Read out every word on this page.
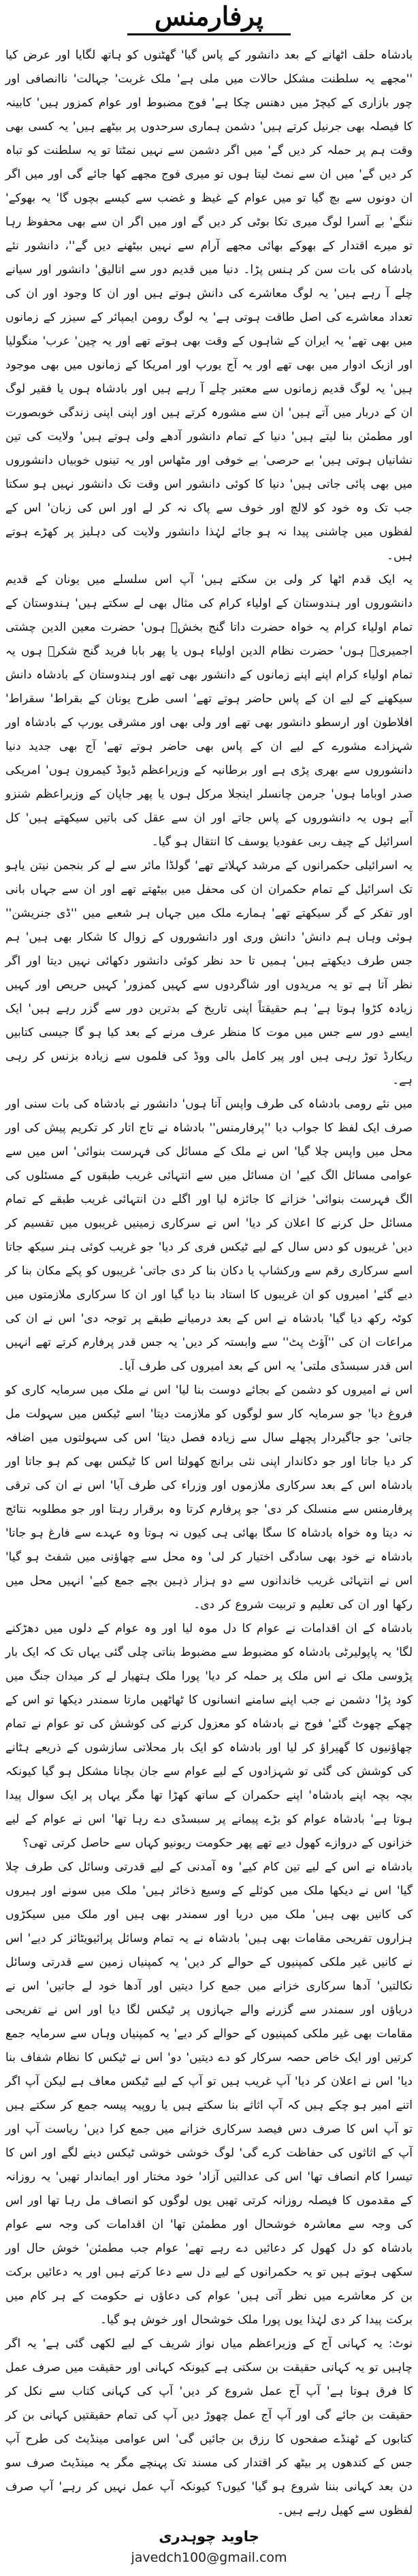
پرفارمنس

بادشاہ حلف اٹھانے کے بعد دانشور کے پاس گیا' گھٹنوں کو ہاتھ لگایا اور عرض کیا ''مجھے یہ سلطنت مشکل حالات میں ملی ہے' ملک غربت' جہالت' ناانصافی اور چور بازاری کے کیچڑ میں دھنس چکا ہے' فوج مضبوط اور عوام کمزور ہیں' کابینہ کا فیصلہ بھی جرنیل کرتے ہیں' دشمن ہماری سرحدوں پر بیٹھے ہیں' یہ کسی بھی وقت ہم پر حملہ کر دیں گے' میں اگر دشمن سے نہیں نمٹتا تو یہ سلطنت کو تباہ کر دیں گے' میں ان سے نمٹ لیتا ہوں تو میری فوج مجھے کھا جائے گی اور میں اگر ان دونوں سے بچ گیا تو میں عوام کے غیظ و غضب سے کیسے بچوں گا' یہ بھوکے' ننگے' بے آسرا لوگ میری تکا بوٹی کر دیں گے اور میں اگر ان سے بھی محفوظ رہا تو میرے اقتدار کے بھوکے بھائی مجھے آرام سے نہیں بیٹھنے دیں گے''، دانشور نئے بادشاہ کی بات سن کر ہنس پڑا۔ دنیا میں قدیم دور سے اتالیق' دانشور اور سیانے چلے آ رہے ہیں' یہ لوگ معاشرے کی دانش ہوتے ہیں اور ان کا وجود اور ان کی تعداد معاشرے کی اصل طاقت ہوتی ہے' یہ لوگ رومن ایمپائر کے سیزر کے زمانوں میں بھی تھے' یہ ایران کے شاہوں کے وقت بھی ہوتے تھے اور یہ چین' عرب' منگولیا اور ازبک ادوار میں بھی تھے اور یہ آج یورپ اور امریکا کے زمانوں میں بھی موجود ہیں' یہ لوگ قدیم زمانوں سے معتبر چلے آ رہے ہیں اور بادشاہ ہوں یا فقیر لوگ ان کے دربار میں آتے ہیں' ان سے مشورہ کرتے ہیں اور اپنی اپنی زندگی خوبصورت اور مطمئن بنا لیتے ہیں' دنیا کے تمام دانشور آدھے ولی ہوتے ہیں' ولایت کی تین نشانیاں ہوتی ہیں' بے حرصی' بے خوفی اور مٹھاس اور یہ تینوں خوبیاں دانشوروں میں بھی پائی جاتی ہیں' دنیا کا کوئی دانشور اس وقت تک دانشور نہیں ہو سکتا جب تک وہ خود کو لالچ اور خوف سے پاک نہ کر لے اور اس کی زبان' اس کے لفظوں میں چاشنی پیدا نہ ہو جائے لہٰذا دانشور ولایت کی دہلیز پر کھڑے ہوتے ہیں۔

یہ ایک قدم اٹھا کر ولی بن سکتے ہیں' آپ اس سلسلے میں یونان کے قدیم دانشوروں اور ہندوستان کے اولیاء کرام کی مثال بھی لے سکتے ہیں' ہندوستان کے تمام اولیاء کرام یہ خواہ حضرت داتا گنج بخشؒ ہوں' حضرت معین الدین چشتی اجمیریؒ ہوں' حضرت نظام الدین اولیاء ہوں یا پھر بابا فرید گنج شکرؒ ہوں یہ تمام اولیاء کرام اپنے اپنے زمانوں کے دانشور بھی تھے اور ہندوستان کے بادشاہ دانش سیکھنے کے لیے ان کے پاس حاضر ہوتے تھے' اسی طرح یونان کے بقراط' سقراط' افلاطون اور ارسطو دانشور بھی تھے اور ولی بھی اور مشرقی یورپ کے بادشاہ اور شہزادے مشورے کے لیے ان کے پاس بھی حاضر ہوتے تھے' آج بھی جدید دنیا دانشوروں سے بھری پڑی ہے اور برطانیہ کے وزیراعظم ڈیوڈ کیمرون ہوں' امریکی صدر اوباما ہوں' جرمن چانسلر اینجلا مرکل ہوں یا پھر جاپان کے وزیراعظم شنزو آبے ہوں یہ دانشوروں کے پاس جاتے اور ان سے عقل کی باتیں سیکھتے ہیں' کل اسرائیل کے چیف ربی عفودیا یوسف کا انتقال ہو گیا۔

یہ اسرائیلی حکمرانوں کے مرشد کہلاتے تھے' گولڈا مائر سے لے کر بنجمن نیتن یاہو تک اسرائیل کے تمام حکمران ان کی محفل میں بیٹھتے تھے اور ان سے جہاں بانی اور تفکر کے گر سیکھتے تھے' ہمارے ملک میں جہاں ہر شعبے میں ''ڈی جنریشن'' ہوئی وہاں ہم دانش' دانش وری اور دانشوروں کے زوال کا شکار بھی ہیں' ہم جس طرف دیکھتے ہیں' ہمیں تا حد نظر کوئی دانشور دکھائی نہیں دیتا اور اگر نظر آتا ہے تو یہ مریدوں اور شاگردوں سے کہیں کمزور' کہیں حریص اور کہیں زیادہ کڑوا ہوتا ہے' ہم حقیقتاً اپنی تاریخ کے بدترین دور سے گزر رہے ہیں' ایک ایسے دور سے جس میں موت کا منظر عرف مرنے کے بعد کیا ہو گا جیسی کتابیں ریکارڈ توڑ رہی ہیں اور پیر کامل بالی ووڈ کی فلموں سے زیادہ بزنس کر رہی ہے۔

میں نئے رومی بادشاہ کی طرف واپس آتا ہوں' دانشور نے بادشاہ کی بات سنی اور صرف ایک لفظ کا جواب دیا ''پرفارمنس'' بادشاہ نے تاج اتار کر تکریم پیش کی اور محل میں واپس چلا گیا' اس نے ملک کے مسائل کی فہرست بنوائی' اس میں سے عوامی مسائل الگ کیے' ان مسائل میں سے انتہائی غریب طبقوں کے مسئلوں کی الگ فہرست بنوائی' خزانے کا جائزہ لیا اور اگلے دن انتہائی غریب طبقے کے تمام مسائل حل کرنے کا اعلان کر دیا' اس نے سرکاری زمینیں غریبوں میں تقسیم کر دیں' غریبوں کو دس سال کے لیے ٹیکس فری کر دیا' جو غریب کوئی ہنر سیکھ جاتا اسے سرکاری رقم سے ورکشاپ یا دکان بنا کر دی جاتی' غریبوں کو پکے مکان بنا کر دیے گئے' امیروں کو ان غریبوں کا استاد بنا دیا گیا اور ان کا سرکاری ملازمتوں میں کوٹہ رکھ دیا گیا' بادشاہ نے اس کے بعد درمیانے طبقے پر توجہ دی' اس نے ان کی مراعات ان کی ''آؤٹ پٹ'' سے وابستہ کر دیں' یہ جس قدر پرفارم کرتے تھے انہیں اس قدر سبسڈی ملتی' یہ اس کے بعد امیروں کی طرف آیا۔

اس نے امیروں کو دشمن کے بجائے دوست بنا لیا' اس نے ملک میں سرمایہ کاری کو فروغ دیا' جو سرمایہ کار سو لوگوں کو ملازمت دیتا' اسے ٹیکس میں سہولت مل جاتی' جو جاگیردار پچھلے سال سے زیادہ فصل دیتا' اس کی سہولتوں میں اضافہ کر دیا جاتا اور جو دکاندار اپنی نئی برانچ کھولتا اس کا ٹیکس بھی کم ہو جاتا اور بادشاہ اس کے بعد سرکاری ملازموں اور وزراء کی طرف آیا' اس نے ان کی ترقی پرفارمنس سے منسلک کر دی' جو پرفارم کرتا وہ برقرار رہتا اور جو مطلوبہ نتائج نہ دیتا وہ خواہ بادشاہ کا سگا بھائی ہی کیوں نہ ہوتا وہ عہدے سے فارغ ہو جاتا' بادشاہ نے خود بھی سادگی اختیار کر لی' وہ محل سے چھاؤنی میں شفٹ ہو گیا' اس نے انتہائی غریب خاندانوں سے دو ہزار ذہین بچے جمع کیے' انہیں محل میں رکھا اور ان کی تعلیم و تربیت شروع کر دی۔

بادشاہ کے ان اقدامات نے عوام کا دل موہ لیا اور وہ عوام کے دلوں میں دھڑکنے لگا' یہ پاپولیرٹی بادشاہ کو مضبوط سے مضبوط بناتی چلی گئی یہاں تک کہ ایک بار پڑوسی ملک نے اس ملک پر حملہ کر دیا' پورا ملک ہتھیار لے کر میدان جنگ میں کود پڑا' دشمن نے جب اپنے سامنے انسانوں کا ٹھاٹھیں مارتا سمندر دیکھا تو اس کے چھکے چھوٹ گئے' فوج نے بادشاہ کو معزول کرنے کی کوشش کی تو عوام نے تمام چھاؤنیوں کا گھیراؤ کر لیا اور بادشاہ کو ایک بار محلاتی سازشوں کے ذریعے ہٹانے کی کوشش کی گئی تو شہزادوں کے لیے عوام سے جان بچانا مشکل ہو گیا کیونکہ بچہ بچہ اپنے بادشاہ' اپنے حکمران کے ساتھ کھڑا تھا مگر یہاں پر ایک سوال پیدا ہوتا ہے' بادشاہ عوام کو بڑے پیمانے پر سبسڈی دے رہا تھا' اس نے عوام کے لیے خزانوں کے دروازے کھول دیے تھے پھر حکومت ریونیو کہاں سے حاصل کرتی تھی؟

بادشاہ نے اس کے لیے تین کام کیے' وہ آمدنی کے لیے قدرتی وسائل کی طرف چلا گیا' اس نے دیکھا ملک میں کوئلے کے وسیع ذخائر ہیں' ملک میں سونے اور ہیروں کی کانیں بھی ہیں' ملک میں دریا اور سمندر بھی ہیں اور ملک میں سیکڑوں ہزاروں تفریحی مقامات بھی ہیں' بادشاہ نے یہ تمام وسائل پرائیویٹائز کر دیے' اس نے کانیں غیر ملکی کمپنیوں کے حوالے کر دیں' یہ کمپنیاں زمین سے قدرتی وسائل نکالتیں' آدھا سرکاری خزانے میں جمع کرا دیتیں اور آدھا خود لے جاتیں' اس نے دریاؤں اور سمندر سے گزرنے والے جہازوں پر ٹیکس لگا دیا اور اس نے تفریحی مقامات بھی غیر ملکی کمپنیوں کے حوالے کر دیے' یہ کمپنیاں وہاں سے سرمایہ جمع کرتیں اور ایک خاص حصہ سرکار کو دے دیتیں' دو' اس نے ٹیکس کا نظام شفاف بنا دیا' اس نے اعلان کر دیا' آپ غریب ہیں تو آپ کے لیے ٹیکس معاف ہے لیکن آپ اگر اتنے امیر ہو چکے ہیں کہ آپ اثاثے بنا سکتے ہیں یا روپیہ پیسہ جمع کر سکتے ہیں تو آپ اس کا صرف دس فیصد سرکاری خزانے میں جمع کرا دیں' ریاست آپ اور آپ کے اثاثوں کی حفاظت کرے گی' لوگ خوشی خوشی ٹیکس دینے لگے اور اس کا تیسرا کام انصاف تھا' اس کی عدالتیں آزاد' خود مختار اور ایماندار تھیں' یہ روزانہ کے مقدموں کا فیصلہ روزانہ کرتی تھیں یوں لوگوں کو انصاف مل رہا تھا اور اس کی وجہ سے معاشرہ خوشحال اور مطمئن تھا' ان اقدامات کی وجہ سے عوام بادشاہ کو دل کھول کر دعائیں دے رہے تھے' عوام جب مطمئن' خوش حال اور سکھی ہوتے ہیں تو یہ حکمرانوں کے لیے دل سے دعا کرتے ہیں اور یہ دعائیں برکت بن کر معاشرے میں نظر آتی ہیں' عوام کی دعاؤں نے حکومت کے ہر کام میں برکت پیدا کر دی لہٰذا یوں پورا ملک خوشحال اور خوش ہو گیا۔

نوٹ: یہ کہانی آج کے وزیراعظم میاں نواز شریف کے لیے لکھی گئی ہے' یہ اگر چاہیں تو یہ کہانی حقیقت بن سکتی ہے کیونکہ کہانی اور حقیقت میں صرف عمل کا فرق ہوتا ہے' آپ آج عمل شروع کر دیں' آپ کی کہانی کتاب سے نکل کر حقیقت بن جائے گی اور آپ آج عمل چھوڑ دیں آپ کی تمام حقیقتیں کہانی بن کر کتابوں کے ٹھنڈے صفحوں کا رزق بن جائیں گی' اس عوامی مینڈیٹ کی طرح آپ جس کے کندھوں پر بیٹھ کر اقتدار کی مسند تک پہنچے مگر یہ مینڈیٹ صرف سو دن بعد کہانی بننا شروع ہو گیا' کیوں؟ کیونکہ آپ عمل نہیں کر رہے' آپ صرف لفظوں سے کھیل رہے ہیں۔

جاوید چوہدری
javedch100@gmail.com
